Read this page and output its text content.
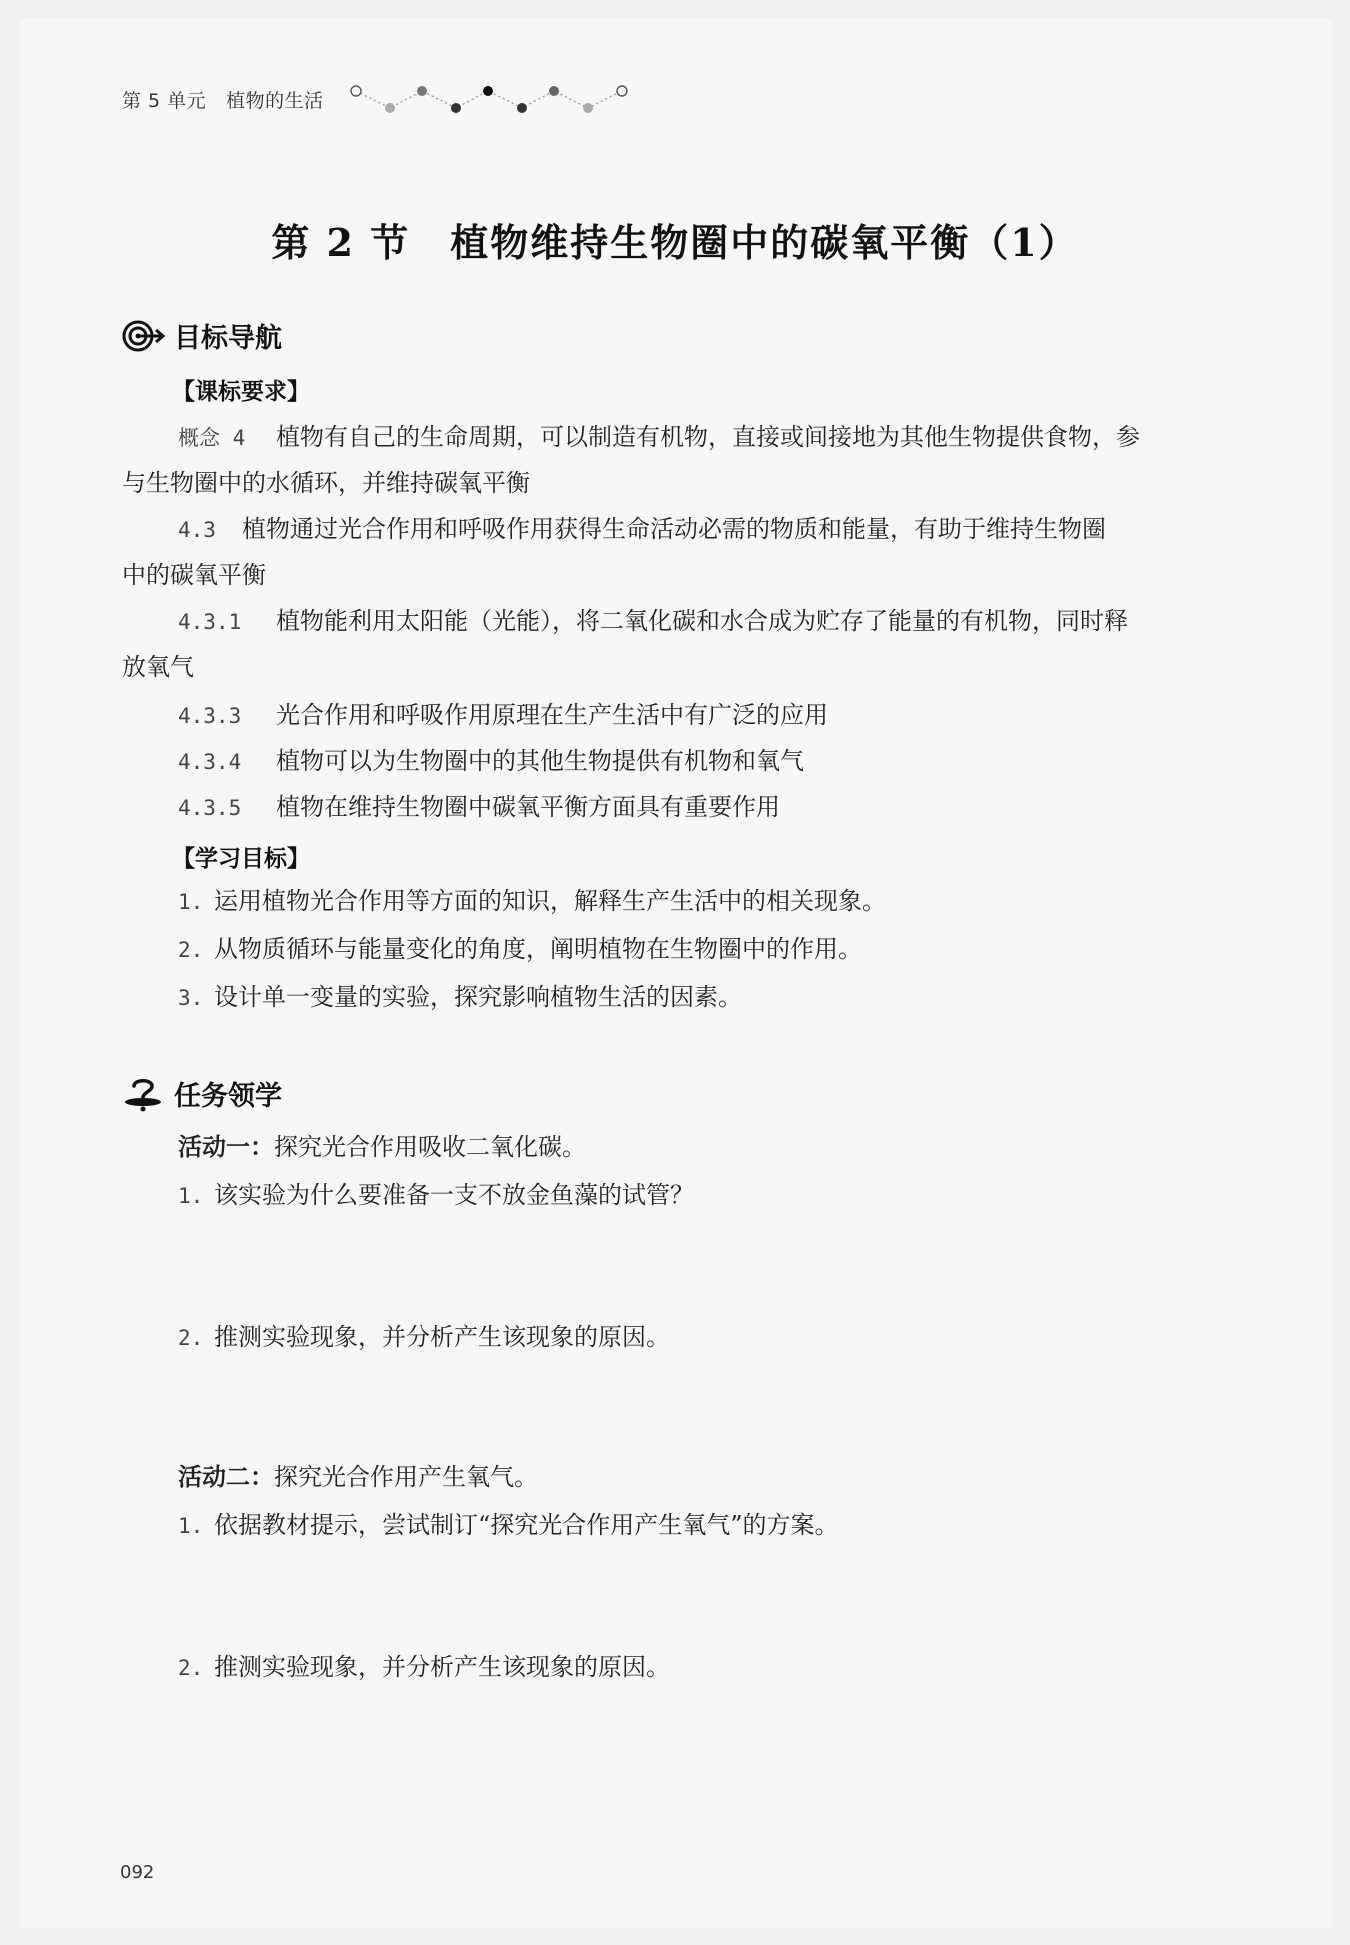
第 5 单元 植物的生活
第 2 节　植物维持生物圈中的碳氧平衡（1）
目标导航
【课标要求】
概念 4 植物有自己的生命周期，可以制造有机物，直接或间接地为其他生物提供食物，参
与生物圈中的水循环，并维持碳氧平衡
4.3 植物通过光合作用和呼吸作用获得生命活动必需的物质和能量，有助于维持生物圈
中的碳氧平衡
4.3.1 植物能利用太阳能（光能），将二氧化碳和水合成为贮存了能量的有机物，同时释
放氧气
4.3.3 光合作用和呼吸作用原理在生产生活中有广泛的应用
4.3.4 植物可以为生物圈中的其他生物提供有机物和氧气
4.3.5 植物在维持生物圈中碳氧平衡方面具有重要作用
【学习目标】
1. 运用植物光合作用等方面的知识，解释生产生活中的相关现象。
2. 从物质循环与能量变化的角度，阐明植物在生物圈中的作用。
3. 设计单一变量的实验，探究影响植物生活的因素。
任务领学
活动一：探究光合作用吸收二氧化碳。
1. 该实验为什么要准备一支不放金鱼藻的试管？
2. 推测实验现象，并分析产生该现象的原因。
活动二：探究光合作用产生氧气。
1. 依据教材提示，尝试制订“探究光合作用产生氧气”的方案。
2. 推测实验现象，并分析产生该现象的原因。
092
